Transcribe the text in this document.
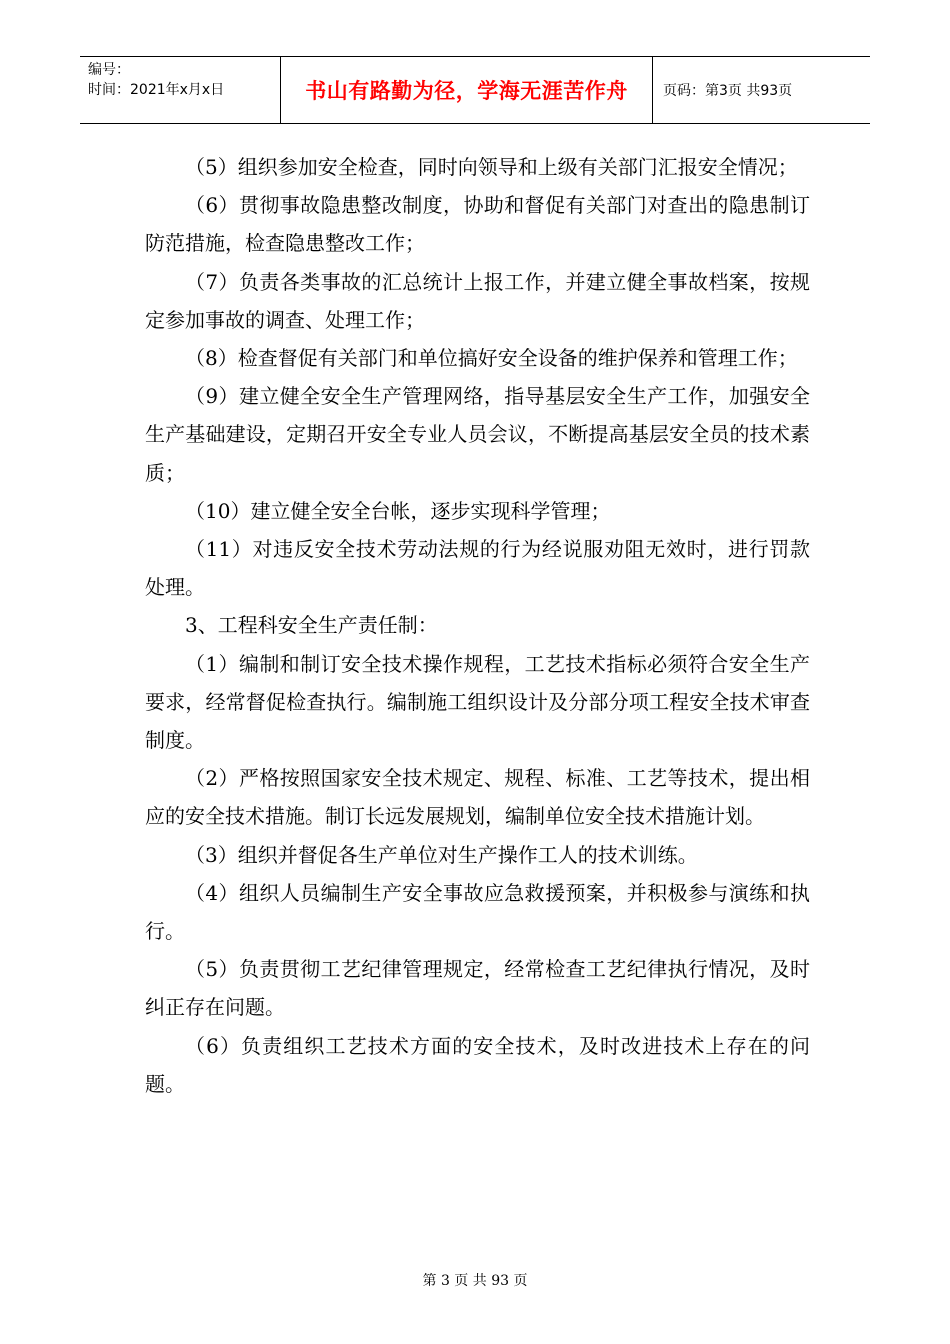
编号：
时间：2021年x月x日	书山有路勤为径，学海无涯苦作舟	页码：第3页 共93页

（5）组织参加安全检查，同时向领导和上级有关部门汇报安全情况；

（6）贯彻事故隐患整改制度，协助和督促有关部门对查出的隐患制订防范措施，检查隐患整改工作；

（7）负责各类事故的汇总统计上报工作，并建立健全事故档案，按规定参加事故的调查、处理工作；

（8）检查督促有关部门和单位搞好安全设备的维护保养和管理工作；

（9）建立健全安全生产管理网络，指导基层安全生产工作，加强安全生产基础建设，定期召开安全专业人员会议，不断提高基层安全员的技术素质；

（10）建立健全安全台帐，逐步实现科学管理；

（11）对违反安全技术劳动法规的行为经说服劝阻无效时，进行罚款处理。

3、工程科安全生产责任制：

（1）编制和制订安全技术操作规程，工艺技术指标必须符合安全生产要求，经常督促检查执行。编制施工组织设计及分部分项工程安全技术审查制度。

（2）严格按照国家安全技术规定、规程、标准、工艺等技术，提出相应的安全技术措施。制订长远发展规划，编制单位安全技术措施计划。

（3）组织并督促各生产单位对生产操作工人的技术训练。

（4）组织人员编制生产安全事故应急救援预案，并积极参与演练和执行。

（5）负责贯彻工艺纪律管理规定，经常检查工艺纪律执行情况，及时纠正存在问题。

（6）负责组织工艺技术方面的安全技术，及时改进技术上存在的问题。

第 3 页 共 93 页
